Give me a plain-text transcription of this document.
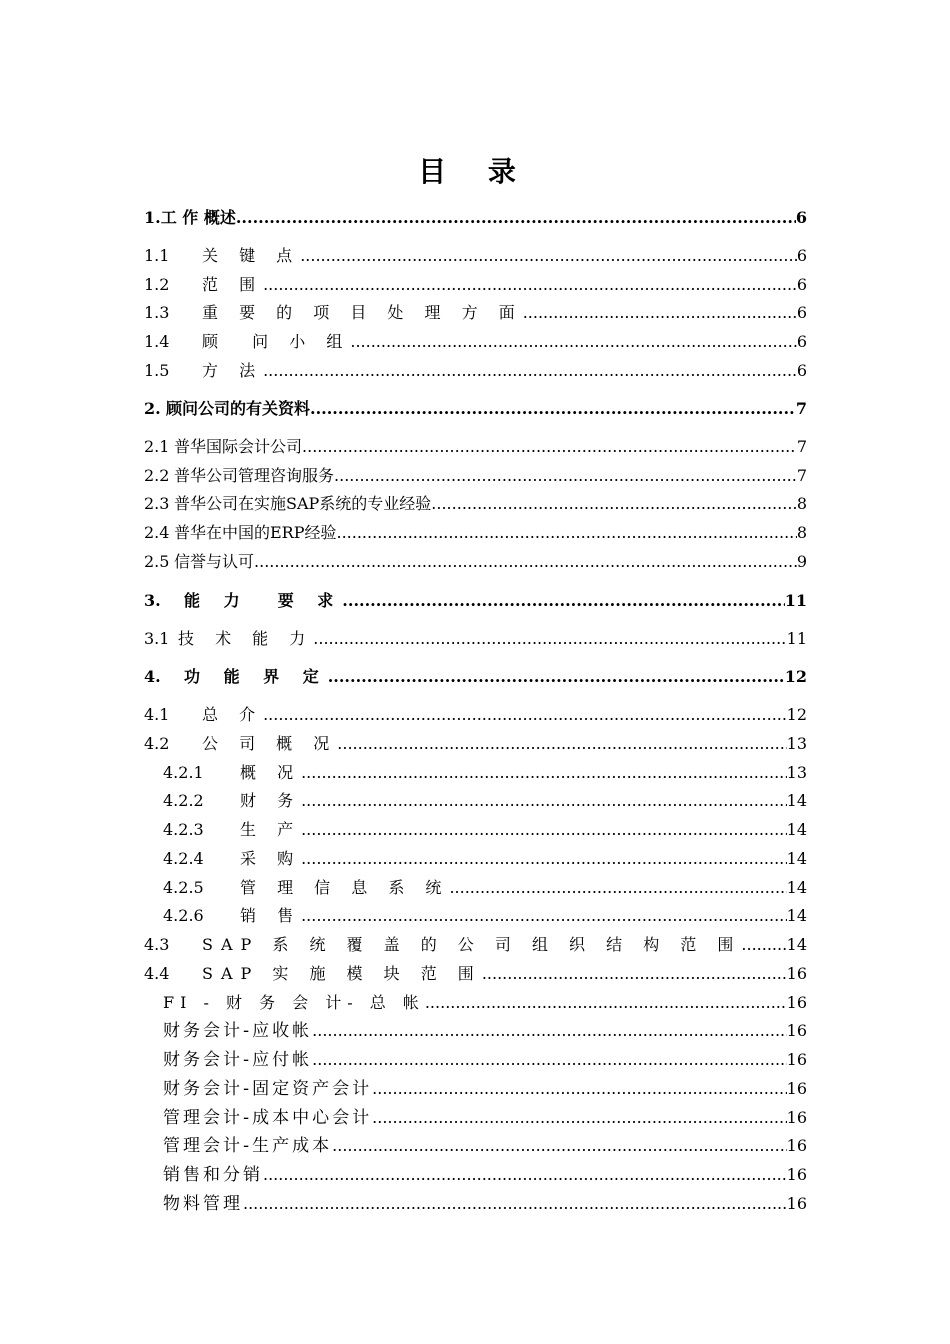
目 录
1. 工 作 概述 .....	6
1.1	关 键 点 .....	6
1.2	范 围 .....	6
1.3	重 要 的 项 目 处 理 方 面 .....	6
1.4	顾  问 小 组 .....	6
1.5	方 法 .....	6
2. 顾问公司的有关资料 .....	7
2.1 普华国际会计公司 .....	7
2.2 普华公司管理咨询服务 .....	7
2.3 普华公司在实施SAP系统的专业经验 .....	8
2.4 普华在中国的ERP经验 .....	8
2.5 信誉与认可 .....	9
3.	能 力  要 求 .....	11
3.1 技 术 能 力 .....	11
4.	功 能 界 定 .....	12
4.1	总 介 .....	12
4.2	公 司 概 况 .....	13
4.2.1	概 况 .....	13
4.2.2	财 务 .....	14
4.2.3	生 产 .....	14
4.2.4	采 购 .....	14
4.2.5	管 理 信 息 系 统 .....	14
4.2.6	销 售 .....	14
4.3	SAP 系 统 覆 盖 的 公 司 组 织 结 构 范 围 .....	14
4.4	SAP 实 施 模 块 范 围 .....	16
FI - 财 务 会 计- 总 帐 .....	16
财务会计-应收帐 .....	16
财务会计-应付帐 .....	16
财务会计-固定资产会计 .....	16
管理会计-成本中心会计 .....	16
管理会计-生产成本 .....	16
销售和分销 .....	16
物料管理 .....	16
